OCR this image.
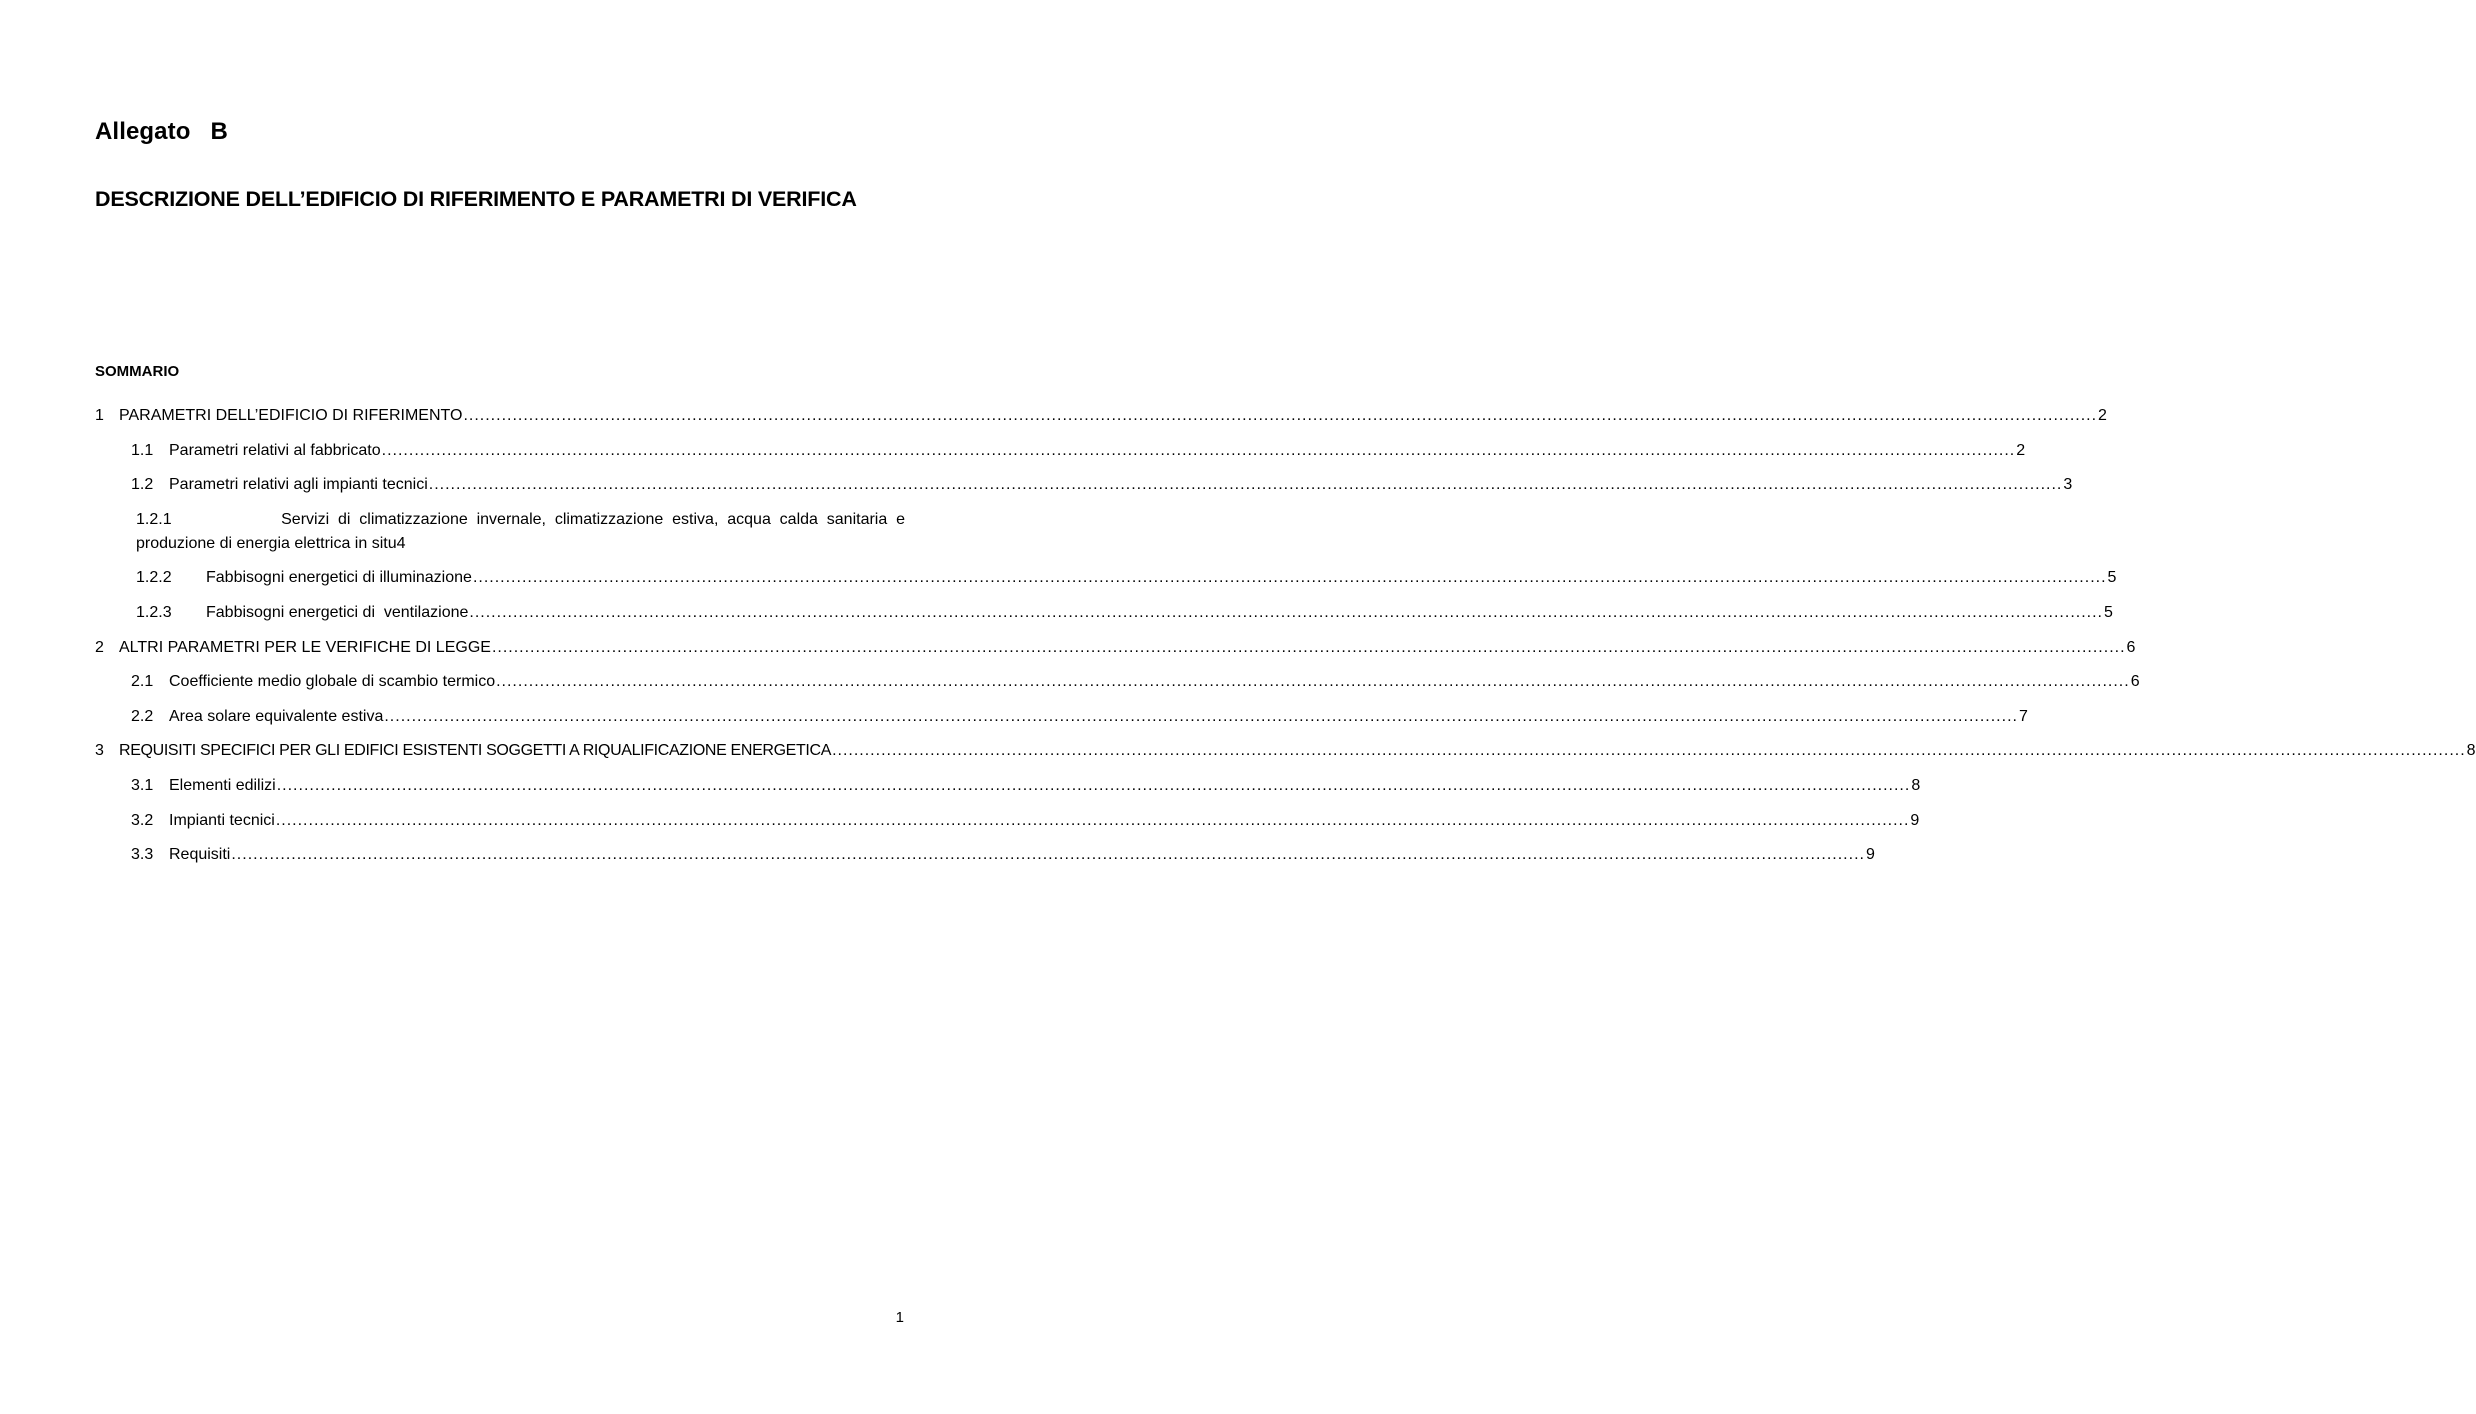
Allegato B
DESCRIZIONE DELL’EDIFICIO DI RIFERIMENTO E PARAMETRI DI VERIFICA
SOMMARIO
1 PARAMETRI DELL’EDIFICIO DI RIFERIMENTO .....	2
1.1 Parametri relativi al fabbricato .....	2
1.2 Parametri relativi agli impianti tecnici .....	3
1.2.1	Servizi di climatizzazione invernale, climatizzazione estiva, acqua calda sanitaria e
produzione di energia elettrica in situ 4
1.2.2	Fabbisogni energetici di illuminazione .....	5
1.2.3	Fabbisogni energetici di  ventilazione .....	5
2 ALTRI PARAMETRI PER LE VERIFICHE DI LEGGE .....	6
2.1 Coefficiente medio globale di scambio termico .....	6
2.2 Area solare equivalente estiva .....	7
3 REQUISITI SPECIFICI PER GLI EDIFICI ESISTENTI SOGGETTI A RIQUALIFICAZIONE ENERGETICA .....	8
3.1 Elementi edilizi .....	8
3.2 Impianti tecnici .....	9
3.3 Requisiti .....	9

1
